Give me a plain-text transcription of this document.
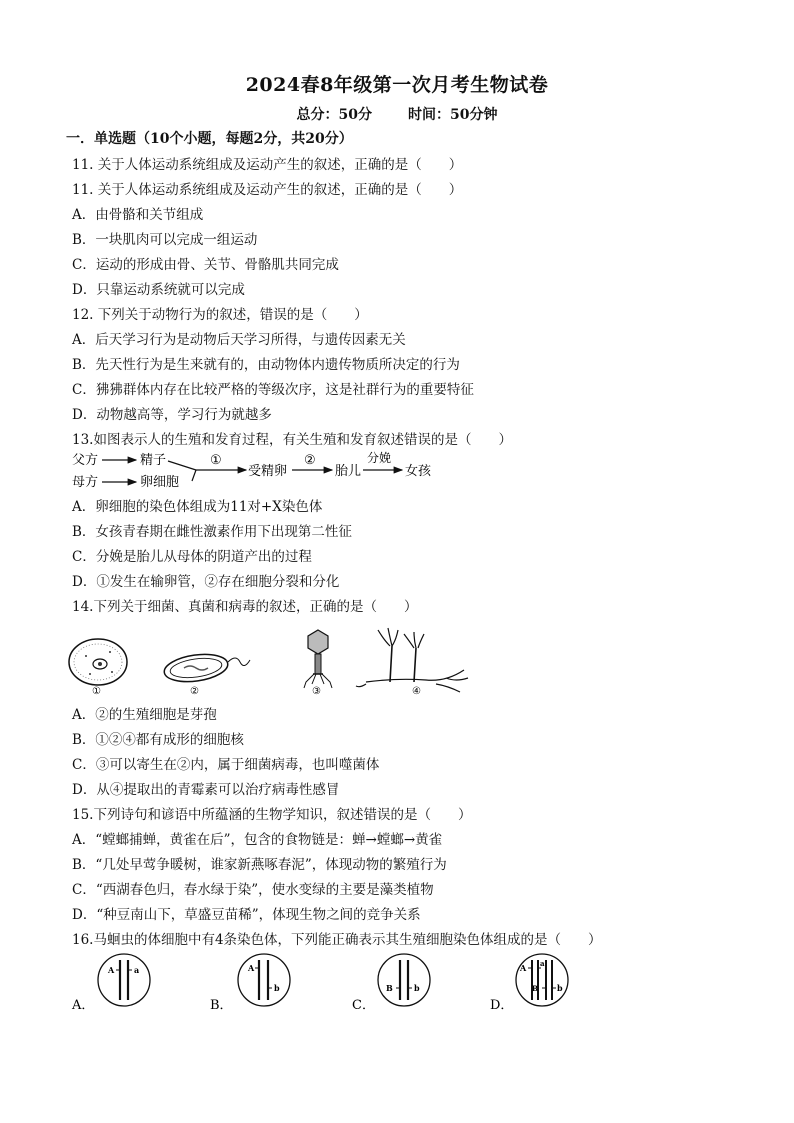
2024春8年级第一次月考生物试卷
总分：50分	时间：50分钟
一．单选题（10个小题，每题2分，共20分）
11. 关于人体运动系统组成及运动产生的叙述，正确的是（　　）
11. 关于人体运动系统组成及运动产生的叙述，正确的是（　　）
A．由骨骼和关节组成
B．一块肌肉可以完成一组运动
C．运动的形成由骨、关节、骨骼肌共同完成
D．只靠运动系统就可以完成
12. 下列关于动物行为的叙述，错误的是（　　）
A．后天学习行为是动物后天学习所得，与遗传因素无关
B．先天性行为是生来就有的，由动物体内遗传物质所决定的行为
C．狒狒群体内存在比较严格的等级次序，这是社群行为的重要特征
D．动物越高等，学习行为就越多
13.如图表示人的生殖和发育过程，有关生殖和发育叙述错误的是（　　）
父方	精子
母方	卵细胞
①
受精卵
②
胎儿
分娩
女孩
A．卵细胞的染色体组成为11对+X染色体
B．女孩青春期在雌性激素作用下出现第二性征
C．分娩是胎儿从母体的阴道产出的过程
D．①发生在输卵管，②存在细胞分裂和分化
14.下列关于细菌、真菌和病毒的叙述，正确的是（　　）
①	②	③	④
A．②的生殖细胞是芽孢
B．①②④都有成形的细胞核
C．③可以寄生在②内，属于细菌病毒，也叫噬菌体
D．从④提取出的青霉素可以治疗病毒性感冒
15.下列诗句和谚语中所蕴涵的生物学知识，叙述错误的是（　　）
A．“螳螂捕蝉，黄雀在后”，包含的食物链是：蝉→螳螂→黄雀
B．“几处早莺争暖树，谁家新燕啄春泥”，体现动物的繁殖行为
C．“西湖春色归，春水绿于染”，使水变绿的主要是藻类植物
D．“种豆南山下，草盛豆苗稀”，体现生物之间的竞争关系
16.马蛔虫的体细胞中有4条染色体，下列能正确表示其生殖细胞染色体组成的是（　　）
A．
A a
B．
A
b
C．
B	b
D．
A a
B b
